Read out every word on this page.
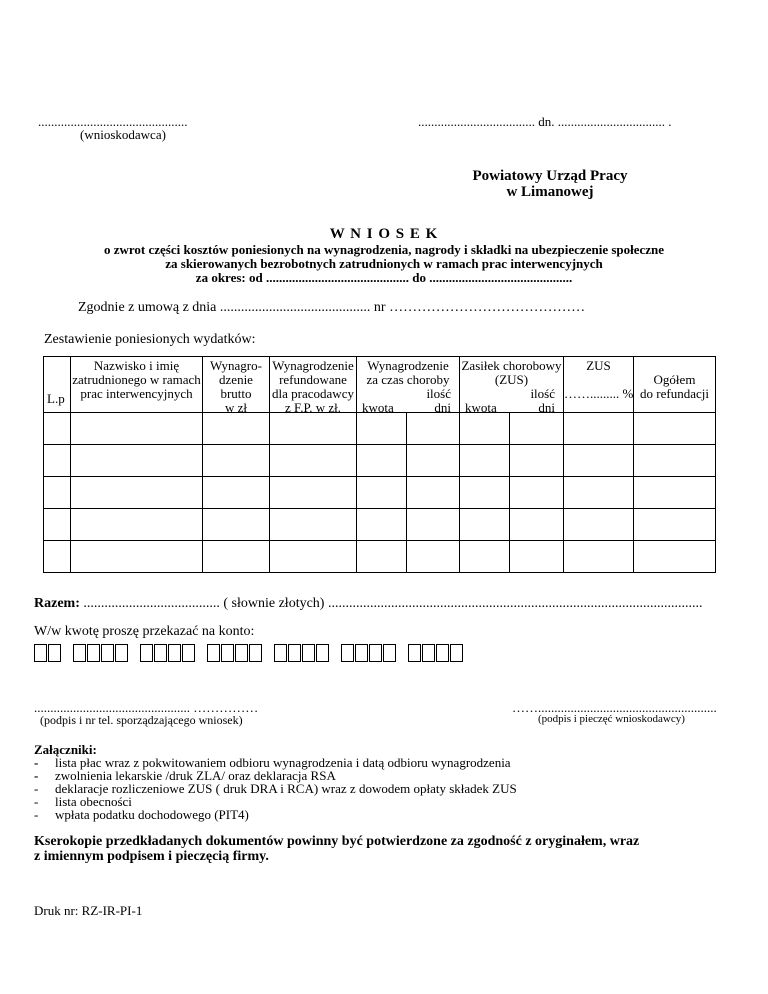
..............................................
(wnioskodawca)
.................................... dn. ................................. .
Powiatowy Urząd Pracy
w Limanowej
W N I O S E K
o zwrot części kosztów poniesionych na wynagrodzenia, nagrody i składki na ubezpieczenie społeczne
za skierowanych bezrobotnych zatrudnionych w ramach prac interwencyjnych
za okres: od ............................................ do ............................................
Zgodnie z umową z dnia ........................................... nr ……………………………………
Zestawienie poniesionych wydatków:
L.p	Nazwisko i imię
zatrudnionego w ramach
prac interwencyjnych	Wynagro-
dzenie
brutto
w zł	Wynagrodzenie
refundowane
dla pracodawcy
z F.P. w zł.	Wynagrodzenie
za czas choroby
ilość
kwota dni		Zasiłek chorobowy
(ZUS)
ilość
kwota dni		ZUS
……......... %	Ogółem
do refundacji

Razem: ....................................... ( słownie złotych) ...........................................................................................................
W/w kwotę proszę przekazać na konto:
................................................ ……………
(podpis i nr tel. sporządzającego wniosek)
…….......................................................
(podpis i pieczęć wnioskodawcy)
Załączniki:
- lista płac wraz z pokwitowaniem odbioru wynagrodzenia i datą odbioru wynagrodzenia
- zwolnienia lekarskie /druk ZLA/ oraz deklaracja RSA
- deklaracje rozliczeniowe ZUS ( druk DRA i RCA) wraz z dowodem opłaty składek ZUS
- lista obecności
- wpłata podatku dochodowego (PIT4)
Kserokopie przedkładanych dokumentów powinny być potwierdzone za zgodność z oryginałem, wraz
z imiennym podpisem i pieczęcią firmy.
Druk nr: RZ-IR-PI-1
